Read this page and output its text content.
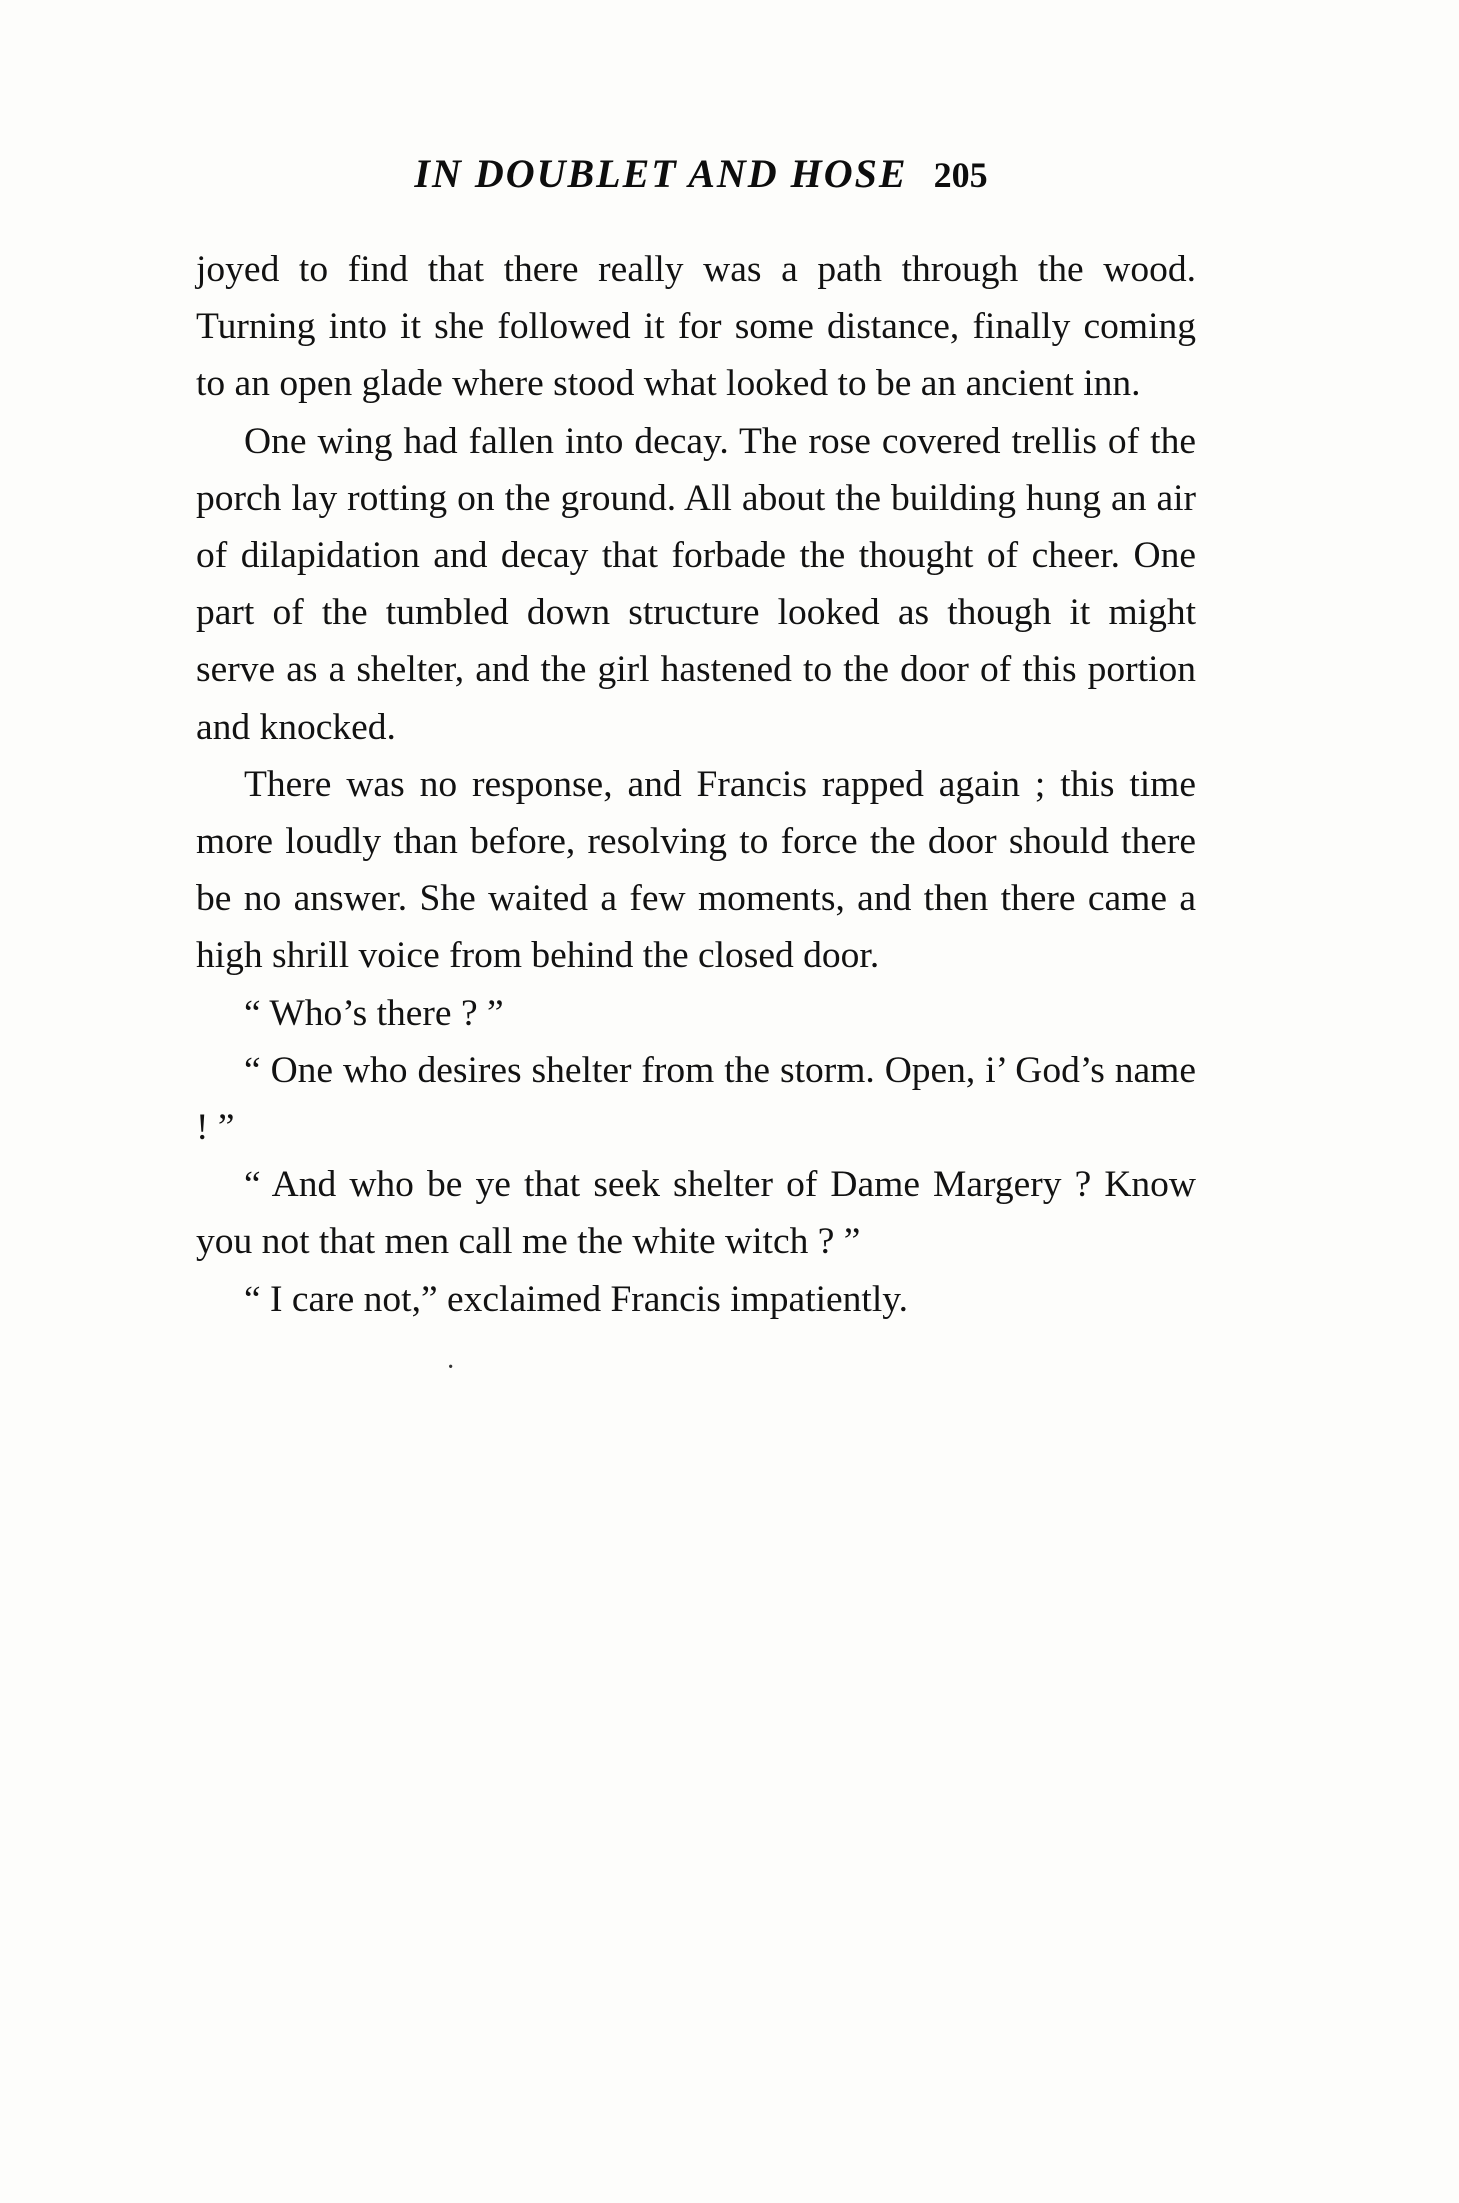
IN DOUBLET AND HOSE 205

joyed to find that there really was a path through the wood. Turning into it she followed it for some distance, finally coming to an open glade where stood what looked to be an ancient inn.

One wing had fallen into decay. The rose covered trellis of the porch lay rotting on the ground. All about the building hung an air of dilapidation and decay that forbade the thought of cheer. One part of the tumbled down structure looked as though it might serve as a shelter, and the girl hastened to the door of this portion and knocked.

There was no response, and Francis rapped again ; this time more loudly than before, resolving to force the door should there be no answer. She waited a few moments, and then there came a high shrill voice from behind the closed door.

“ Who’s there ? ”

“ One who desires shelter from the storm. Open, i’ God’s name ! ”

“ And who be ye that seek shelter of Dame Margery ? Know you not that men call me the white witch ? ”

“ I care not,” exclaimed Francis impatiently.

·
